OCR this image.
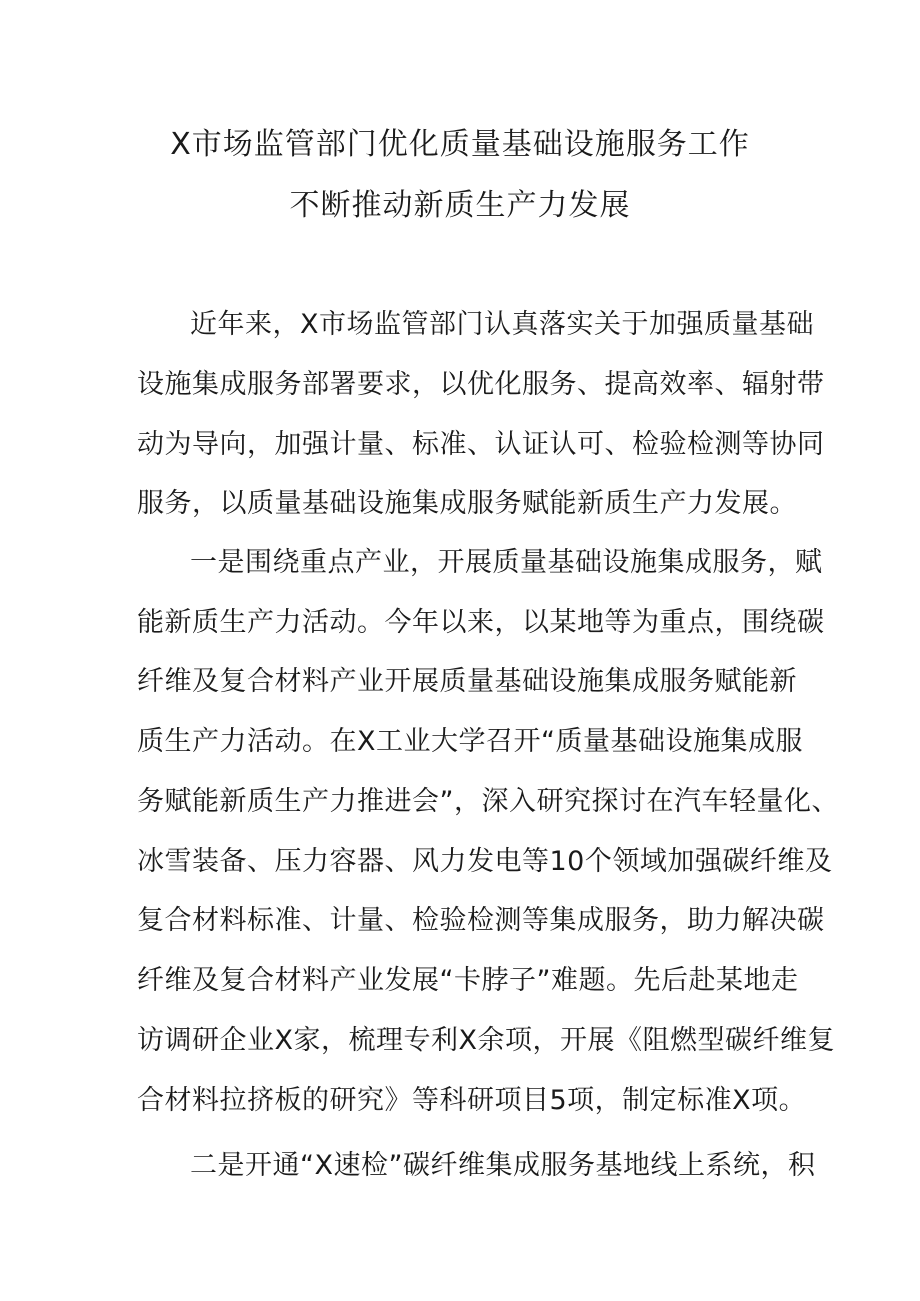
X市场监管部门优化质量基础设施服务工作
不断推动新质生产力发展
近年来，X市场监管部门认真落实关于加强质量基础
设施集成服务部署要求，以优化服务、提高效率、辐射带
动为导向，加强计量、标准、认证认可、检验检测等协同
服务，以质量基础设施集成服务赋能新质生产力发展。
一是围绕重点产业，开展质量基础设施集成服务，赋
能新质生产力活动。今年以来，以某地等为重点，围绕碳
纤维及复合材料产业开展质量基础设施集成服务赋能新
质生产力活动。在X工业大学召开“质量基础设施集成服
务赋能新质生产力推进会”，深入研究探讨在汽车轻量化、
冰雪装备、压力容器、风力发电等10个领域加强碳纤维及
复合材料标准、计量、检验检测等集成服务，助力解决碳
纤维及复合材料产业发展“卡脖子”难题。先后赴某地走
访调研企业X家，梳理专利X余项，开展《阻燃型碳纤维复
合材料拉挤板的研究》等科研项目5项，制定标准X项。
二是开通“X速检”碳纤维集成服务基地线上系统，积
